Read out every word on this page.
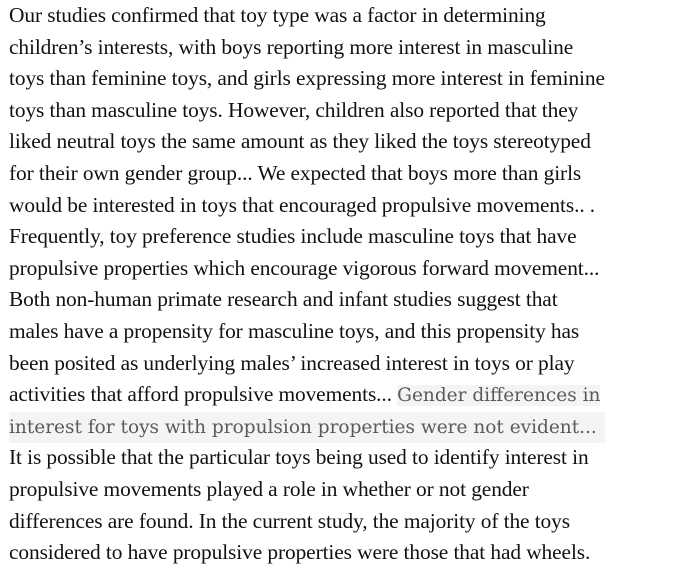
Our studies confirmed that toy type was a factor in determining
children’s interests, with boys reporting more interest in masculine
toys than feminine toys, and girls expressing more interest in feminine
toys than masculine toys. However, children also reported that they
liked neutral toys the same amount as they liked the toys stereotyped
for their own gender group... We expected that boys more than girls
would be interested in toys that encouraged propulsive movements.. .
Frequently, toy preference studies include masculine toys that have
propulsive properties which encourage vigorous forward movement...
Both non-human primate research and infant studies suggest that
males have a propensity for masculine toys, and this propensity has
been posited as underlying males’ increased interest in toys or play
activities that afford propulsive movements... Gender differences in
interest for toys with propulsion properties were not evident...
It is possible that the particular toys being used to identify interest in
propulsive movements played a role in whether or not gender
differences are found. In the current study, the majority of the toys
considered to have propulsive properties were those that had wheels.
